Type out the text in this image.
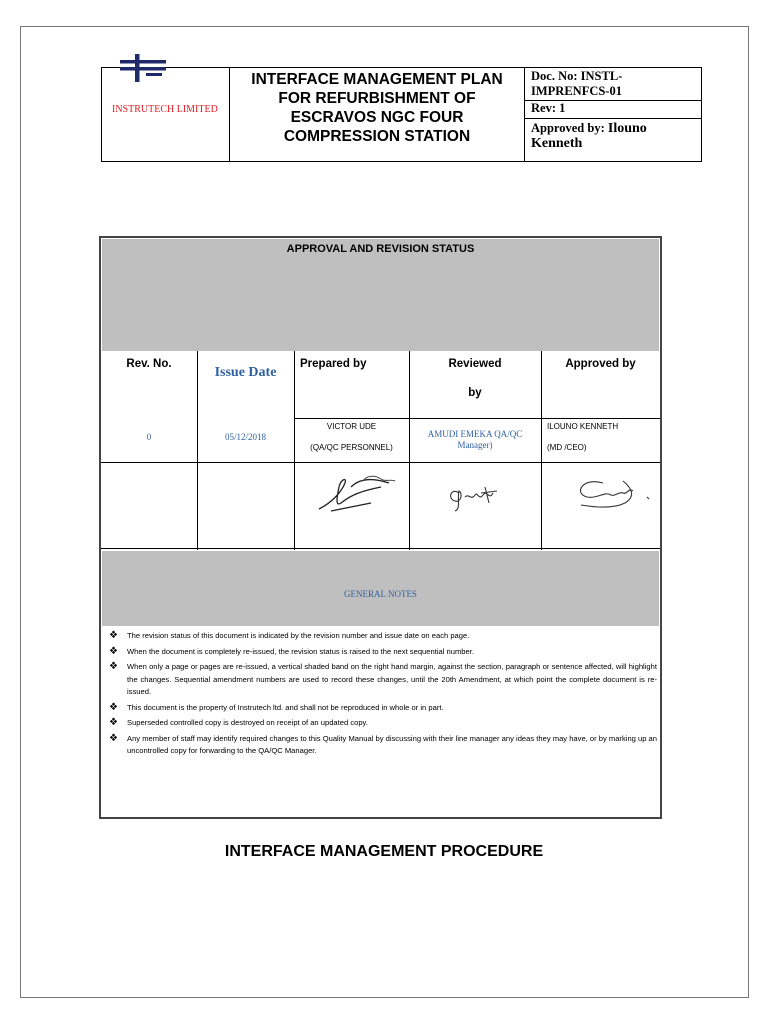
INSTRUTECH LIMITED
INTERFACE MANAGEMENT PLAN
FOR REFURBISHMENT OF
ESCRAVOS NGC FOUR
COMPRESSION STATION
Doc. No: INSTL-
IMPRENFCS-01
Rev: 1
Approved by: Ilouno Kenneth
APPROVAL AND REVISION STATUS
Rev. No.
Issue Date
Prepared by	Reviewed
by
Approved by
0	05/12/2018
VICTOR UDE
(QA/QC PERSONNEL)
AMUDI EMEKA QA/QC
Manager)
ILOUNO KENNETH
(MD /CEO)
GENERAL NOTES
❖ The revision status of this document is indicated by the revision number and issue date on each page.
❖ When the document is completely re-issued, the revision status is raised to the next sequential number.
❖ When only a page or pages are re-issued, a vertical shaded band on the right hand margin, against the section, paragraph or sentence affected, will highlight the changes. Sequential amendment numbers are used to record these changes, until the 20th Amendment, at which point the complete document is re-issued.
❖ This document is the property of Instrutech ltd. and shall not be reproduced in whole or in part.
❖ Superseded controlled copy is destroyed on receipt of an updated copy.
❖ Any member of staff may identify required changes to this Quality Manual by discussing with their line manager any ideas they may have, or by marking up an uncontrolled copy for forwarding to the QA/QC Manager.
INTERFACE MANAGEMENT PROCEDURE
